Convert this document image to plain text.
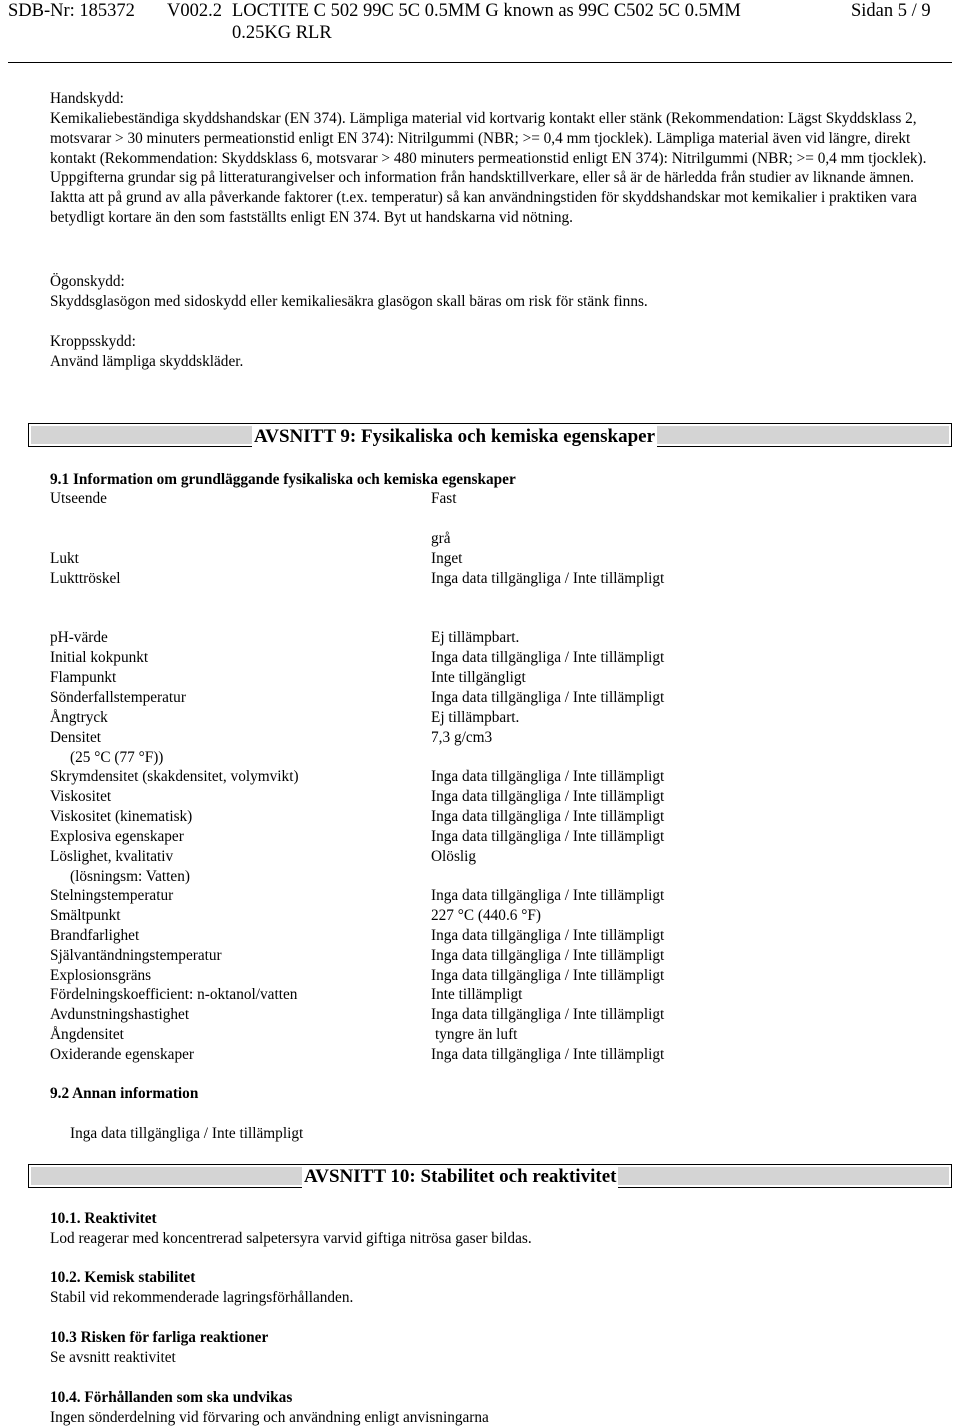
SDB-Nr: 185372 V002.2 LOCTITE C 502 99C 5C 0.5MM G known as 99C C502 5C 0.5MM
0.25KG RLR
Sidan 5 / 9
Handskydd:
Kemikaliebeständiga skyddshandskar (EN 374). Lämpliga material vid kortvarig kontakt eller stänk (Rekommendation: Lägst Skyddsklass 2, motsvarar > 30 minuters permeationstid enligt EN 374): Nitrilgummi (NBR; >= 0,4 mm tjocklek). Lämpliga material även vid längre, direkt kontakt (Rekommendation: Skyddsklass 6, motsvarar > 480 minuters permeationstid enligt EN 374): Nitrilgummi (NBR; >= 0,4 mm tjocklek). Uppgifterna grundar sig på litteraturangivelser och information från handsktillverkare, eller så är de härledda från studier av liknande ämnen. Iaktta att på grund av alla påverkande faktorer (t.ex. temperatur) så kan användningstiden för skyddshandskar mot kemikalier i praktiken vara betydligt kortare än den som fastställts enligt EN 374. Byt ut handskarna vid nötning.
Ögonskydd:
Skyddsglasögon med sidoskydd eller kemikaliesäkra glasögon skall bäras om risk för stänk finns.
Kroppsskydd:
Använd lämpliga skyddskläder.
AVSNITT 9: Fysikaliska och kemiska egenskaper
9.1 Information om grundläggande fysikaliska och kemiska egenskaper
Utseende	Fast
grå
Lukt	Inget
Lukttröskel	Inga data tillgängliga / Inte tillämpligt
pH-värde	Ej tillämpbart.
Initial kokpunkt	Inga data tillgängliga / Inte tillämpligt
Flampunkt	Inte tillgängligt
Sönderfallstemperatur	Inga data tillgängliga / Inte tillämpligt
Ångtryck	Ej tillämpbart.
Densitet	7,3 g/cm3
(25 °C (77 °F))
Skrymdensitet (skakdensitet, volymvikt)	Inga data tillgängliga / Inte tillämpligt
Viskositet	Inga data tillgängliga / Inte tillämpligt
Viskositet (kinematisk)	Inga data tillgängliga / Inte tillämpligt
Explosiva egenskaper	Inga data tillgängliga / Inte tillämpligt
Löslighet, kvalitativ	Olöslig
(lösningsm: Vatten)
Stelningstemperatur	Inga data tillgängliga / Inte tillämpligt
Smältpunkt	227 °C (440.6 °F)
Brandfarlighet	Inga data tillgängliga / Inte tillämpligt
Självantändningstemperatur	Inga data tillgängliga / Inte tillämpligt
Explosionsgräns	Inga data tillgängliga / Inte tillämpligt
Fördelningskoefficient: n-oktanol/vatten	Inte tillämpligt
Avdunstningshastighet	Inga data tillgängliga / Inte tillämpligt
Ångdensitet	tyngre än luft
Oxiderande egenskaper	Inga data tillgängliga / Inte tillämpligt
9.2 Annan information
Inga data tillgängliga / Inte tillämpligt
AVSNITT 10: Stabilitet och reaktivitet
10.1. Reaktivitet
Lod reagerar med koncentrerad salpetersyra varvid giftiga nitrösa gaser bildas.
10.2. Kemisk stabilitet
Stabil vid rekommenderade lagringsförhållanden.
10.3 Risken för farliga reaktioner
Se avsnitt reaktivitet
10.4. Förhållanden som ska undvikas
Ingen sönderdelning vid förvaring och användning enligt anvisningarna
